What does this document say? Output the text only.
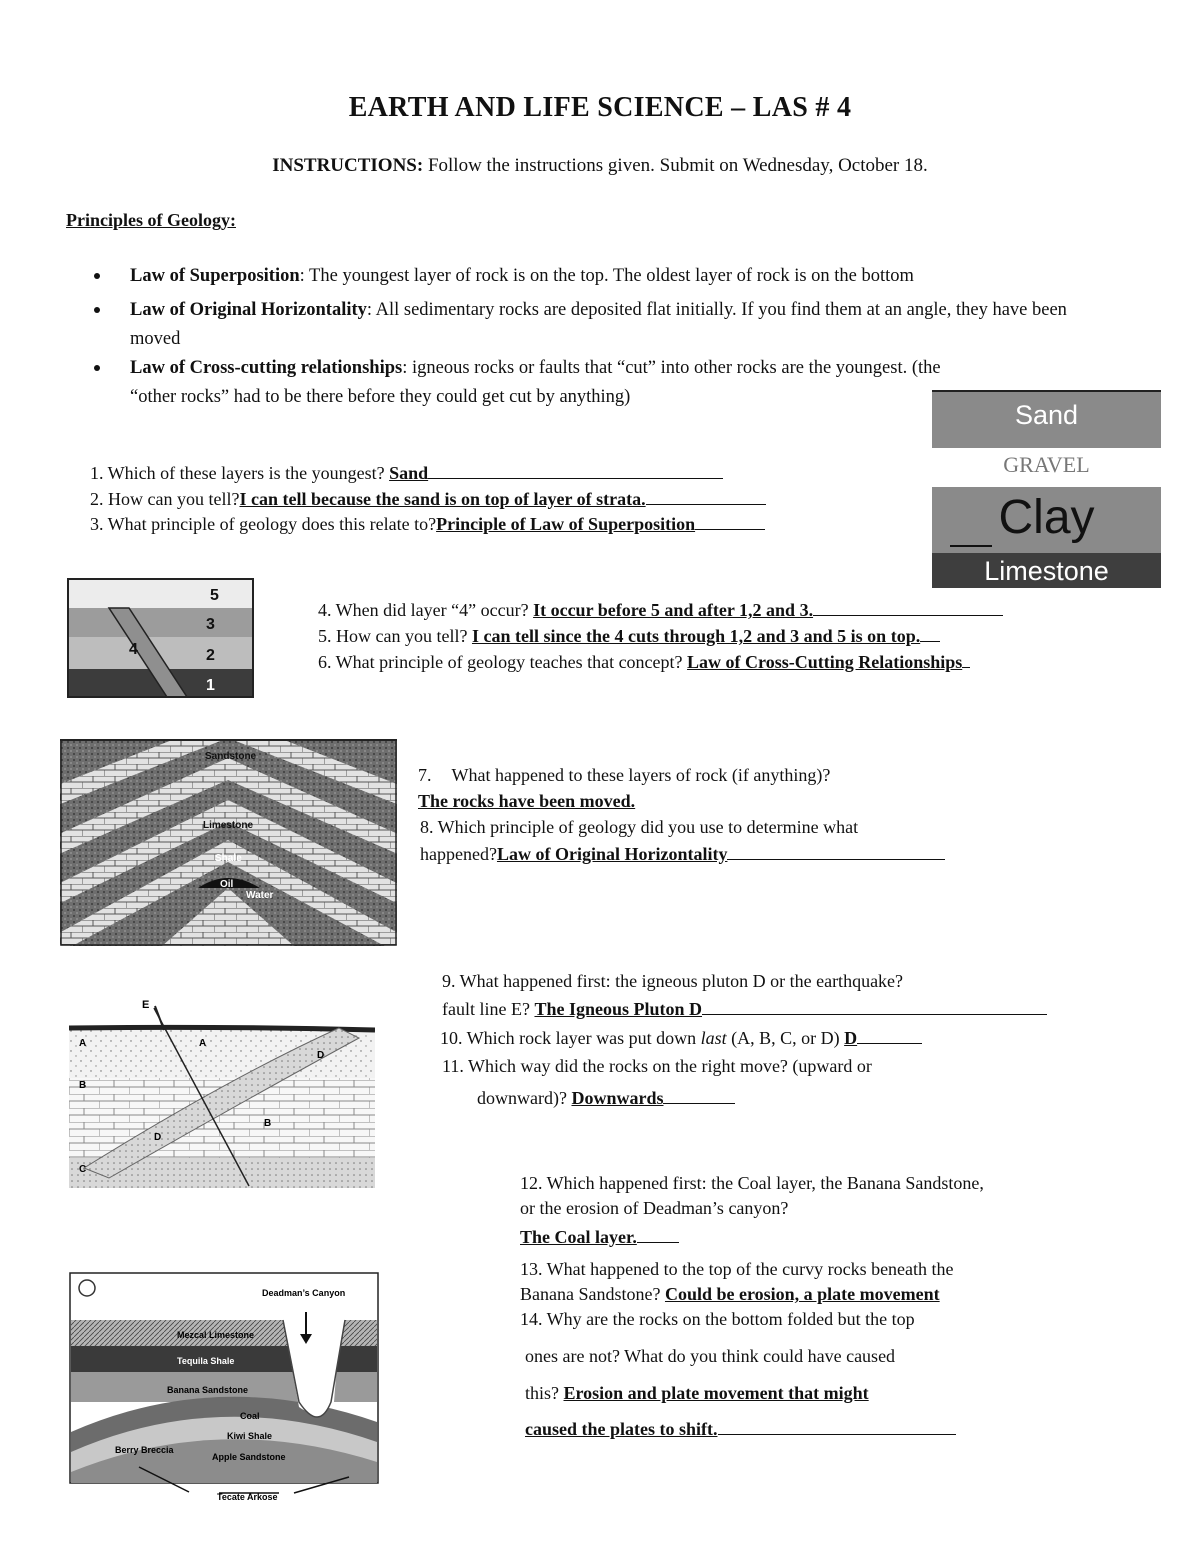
EARTH AND LIFE SCIENCE – LAS # 4
INSTRUCTIONS: Follow the instructions given. Submit on Wednesday, October 18.
Principles of Geology:
Law of Superposition: The youngest layer of rock is on the top. The oldest layer of rock is on the bottom
Law of Original Horizontality: All sedimentary rocks are deposited flat initially. If you find them at an angle, they have been moved
Law of Cross-cutting relationships: igneous rocks or faults that “cut” into other rocks are the youngest. (the “other rocks” had to be there before they could get cut by anything)
Sand
GRAVEL
Clay
Limestone
1. Which of these layers is the youngest? Sand
2. How can you tell?I can tell because the sand is on top of layer of strata.
3. What principle of geology does this relate to?Principle of Law of Superposition
5
3
4	2
1
4. When did layer “4” occur? It occur before 5 and after 1,2 and 3.
5. How can you tell? I can tell since the 4 cuts through 1,2 and 3 and 5 is on top.
6. What principle of geology teaches that concept? Law of Cross-Cutting Relationships
Sandstone
Limestone
Shale
Oil
Water
7. What happened to these layers of rock (if anything)?
The rocks have been moved.
8. Which principle of geology did you use to determine what
happened?Law of Original Horizontality
E
A	A
D
B
B
D
C
9. What happened first: the igneous pluton D or the earthquake?
fault line E? The Igneous Pluton D
10. Which rock layer was put down last (A, B, C, or D) D
11. Which way did the rocks on the right move? (upward or
downward)? Downwards
12. Which happened first: the Coal layer, the Banana Sandstone,
or the erosion of Deadman’s canyon?
The Coal layer.
13. What happened to the top of the curvy rocks beneath the
Banana Sandstone? Could be erosion, a plate movement
14. Why are the rocks on the bottom folded but the top
ones are not? What do you think could have caused
this? Erosion and plate movement that might
caused the plates to shift.
Deadman’s Canyon
Mezcal Limestone
Tequila Shale
Banana Sandstone
Coal
Kiwi Shale
Berry Breccia
Apple Sandstone
Tecate Arkose
